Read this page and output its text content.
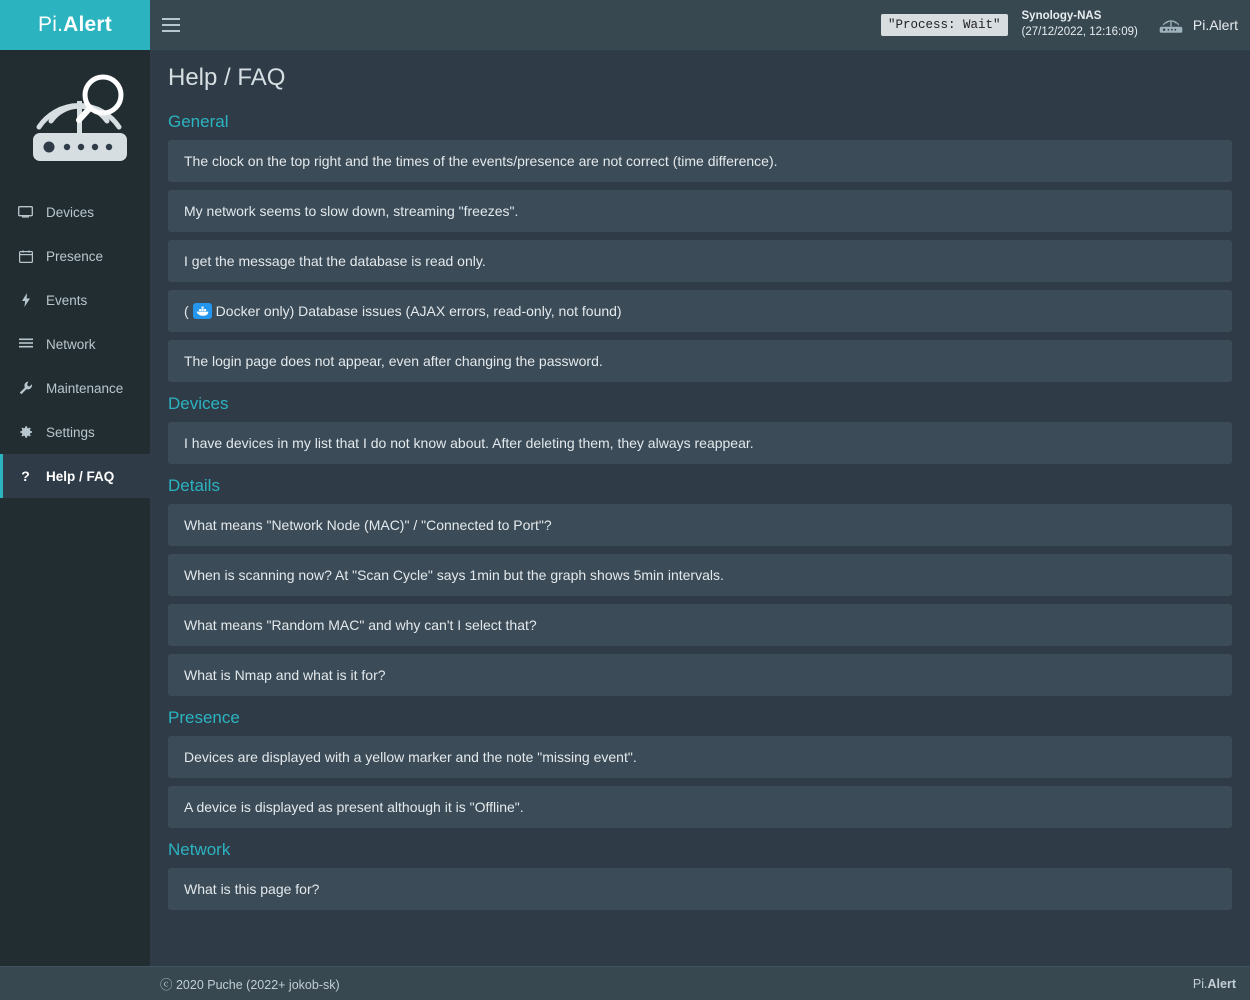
Pi. Alert	"Process: Wait"
Synology-NAS
(27/12/2022, 12:16:09)	Pi.Alert
Devices
Presence
Events
Network
Maintenance
Settings
?	Help / FAQ
Help / FAQ
General
The clock on the top right and the times of the events/presence are not correct (time difference).
My network seems to slow down, streaming "freezes".
I get the message that the database is read only.
( Docker only) Database issues (AJAX errors, read-only, not found)
The login page does not appear, even after changing the password.
Devices
I have devices in my list that I do not know about. After deleting them, they always reappear.
Details
What means "Network Node (MAC)" / "Connected to Port"?
When is scanning now? At "Scan Cycle" says 1min but the graph shows 5min intervals.
What means "Random MAC" and why can't I select that?
What is Nmap and what is it for?
Presence
Devices are displayed with a yellow marker and the note "missing event".
A device is displayed as present although it is "Offline".
Network
What is this page for?
ⓒ 2020 Puche (2022+ jokob-sk)	Pi.Alert
